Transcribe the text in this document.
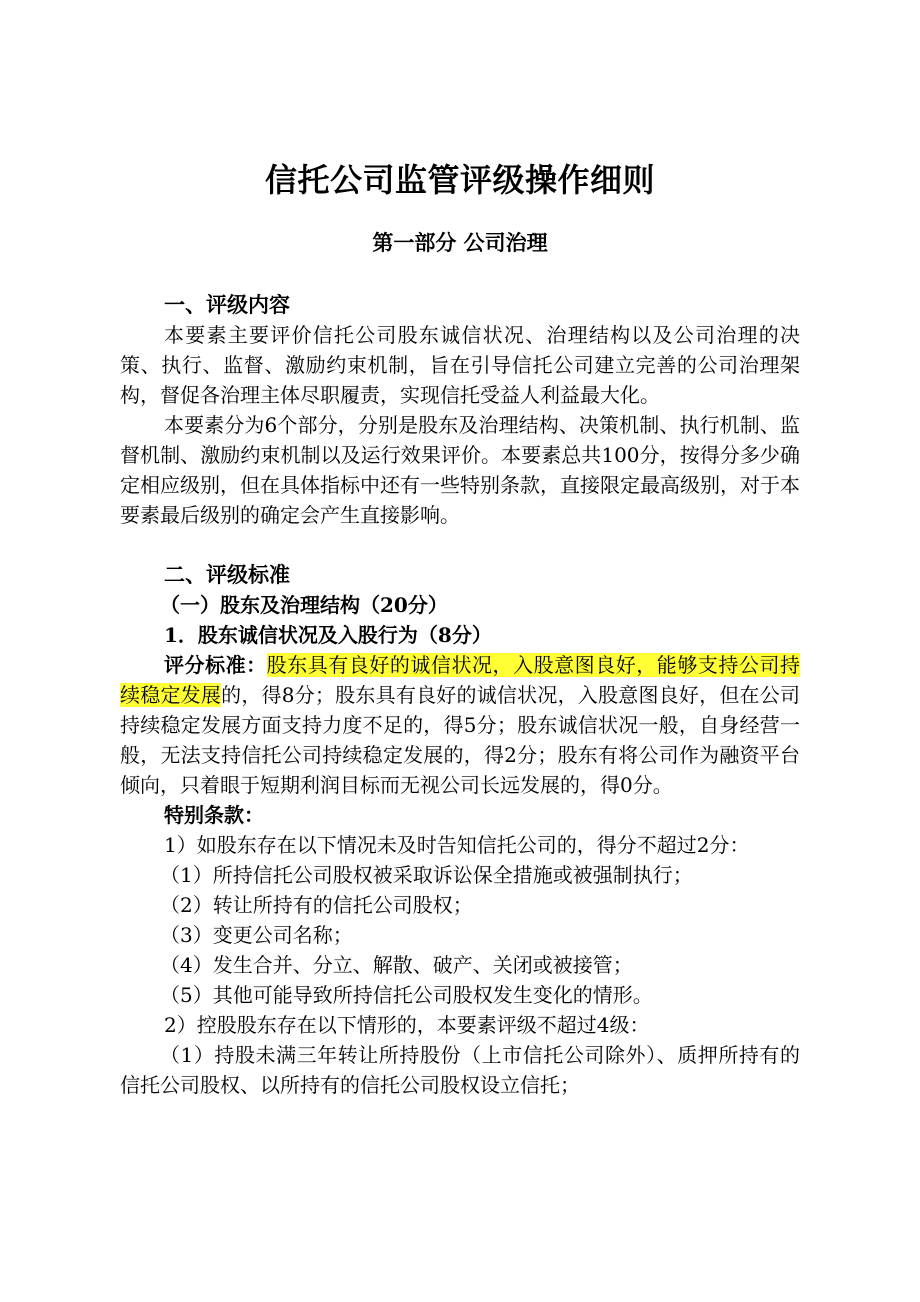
信托公司监管评级操作细则
第一部分 公司治理
一、评级内容

本要素主要评价信托公司股东诚信状况、治理结构以及公司治理的决策、执行、监督、激励约束机制，旨在引导信托公司建立完善的公司治理架构，督促各治理主体尽职履责，实现信托受益人利益最大化。

本要素分为6个部分，分别是股东及治理结构、决策机制、执行机制、监督机制、激励约束机制以及运行效果评价。本要素总共100分，按得分多少确定相应级别，但在具体指标中还有一些特别条款，直接限定最高级别，对于本要素最后级别的确定会产生直接影响。

二、评级标准

（一）股东及治理结构（20分）

1．股东诚信状况及入股行为（8分）

评分标准：股东具有良好的诚信状况，入股意图良好，能够支持公司持续稳定发展的，得8分；股东具有良好的诚信状况，入股意图良好，但在公司持续稳定发展方面支持力度不足的，得5分；股东诚信状况一般，自身经营一般，无法支持信托公司持续稳定发展的，得2分；股东有将公司作为融资平台倾向，只着眼于短期利润目标而无视公司长远发展的，得0分。

特别条款：

1）如股东存在以下情况未及时告知信托公司的，得分不超过2分：

（1）所持信托公司股权被采取诉讼保全措施或被强制执行；

（2）转让所持有的信托公司股权；

（3）变更公司名称；

（4）发生合并、分立、解散、破产、关闭或被接管；

（5）其他可能导致所持信托公司股权发生变化的情形。

2）控股股东存在以下情形的，本要素评级不超过4级：

（1）持股未满三年转让所持股份（上市信托公司除外）、质押所持有的信托公司股权、以所持有的信托公司股权设立信托；
